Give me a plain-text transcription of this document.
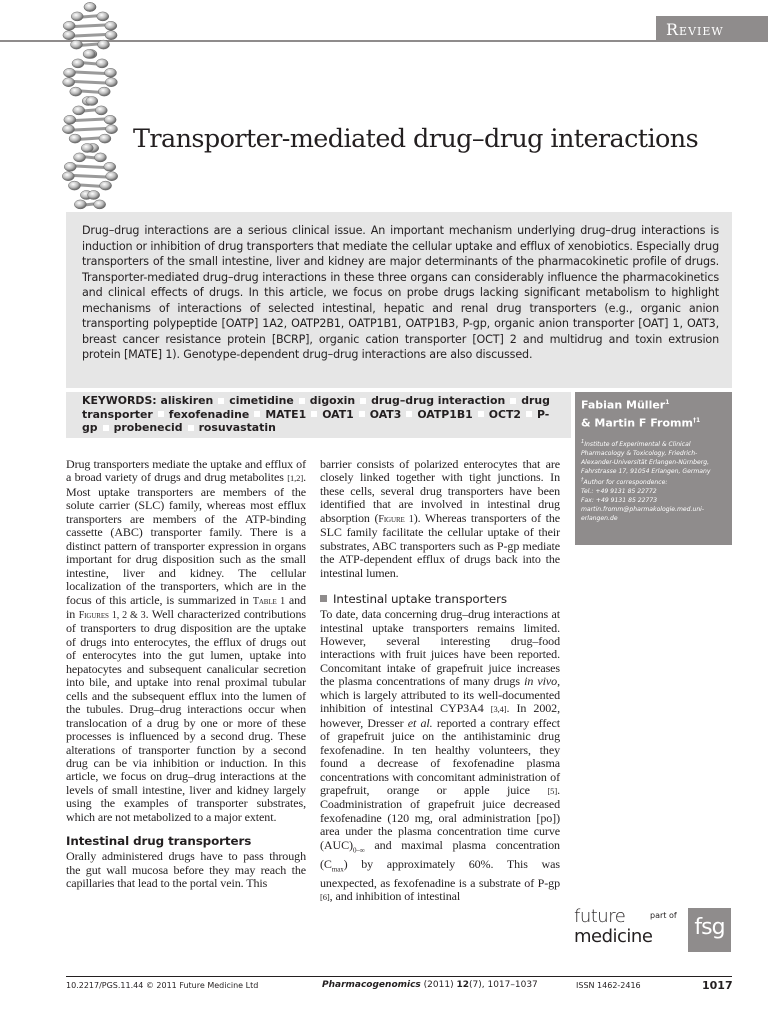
Review
Transporter-mediated drug–drug interactions

Drug–drug interactions are a serious clinical issue. An important mechanism underlying drug–drug interactions is induction or inhibition of drug transporters that mediate the cellular uptake and efflux of xenobiotics. Especially drug transporters of the small intestine, liver and kidney are major determinants of the pharmacokinetic profile of drugs. Transporter-mediated drug–drug interactions in these three organs can considerably influence the pharmacokinetics and clinical effects of drugs. In this article, we focus on probe drugs lacking significant metabolism to highlight mechanisms of interactions of selected intestinal, hepatic and renal drug transporters (e.g., organic anion transporting polypeptide [OATP] 1A2, OATP2B1, OATP1B1, OATP1B3, P-gp, organic anion transporter [OAT] 1, OAT3, breast cancer resistance protein [BCRP], organic cation transporter [OCT] 2 and multidrug and toxin extrusion protein [MATE] 1). Genotype-dependent drug–drug interactions are also discussed.

KEYWORDS: aliskiren cimetidine digoxin drug–drug interaction drug transporter fexofenadine MATE1 OAT1 OAT3 OATP1B1 OCT2 P-gp probenecid rosuvastatin
Fabian Müller$^1$
& Martin F Fromm$^{\dagger 1}$
$^1$Institute of Experimental & Clinical Pharmacology & Toxicology, Friedrich-Alexander-Universität Erlangen-Nürnberg, Fahrstrasse 17, 91054 Erlangen, Germany
†Author for correspondence:
Tel.: +49 9131 85 22772
Fax: +49 9131 85 22773
martin.fromm@pharmakologie.med.uni-erlangen.de

Drug transporters mediate the uptake and efflux of a broad variety of drugs and drug metabolites [1,2]. Most uptake transporters are members of the solute carrier (SLC) family, whereas most efflux transporters are members of the ATP-binding cassette (ABC) transporter family. There is a distinct pattern of transporter expression in organs important for drug disposition such as the small intestine, liver and kidney. The cellular localization of the transporters, which are in the focus of this article, is summarized in Table 1 and in Figures 1, 2 & 3. Well characterized contributions of transporters to drug disposition are the uptake of drugs into enterocytes, the efflux of drugs out of enterocytes into the gut lumen, uptake into hepatocytes and subsequent canalicular secretion into bile, and uptake into renal proximal tubular cells and the subsequent efflux into the lumen of the tubules. Drug–drug interactions occur when translocation of a drug by one or more of these processes is influenced by a second drug. These alterations of transporter function by a second drug can be via inhibition or induction. In this article, we focus on drug–drug interactions at the levels of small intestine, liver and kidney largely using the examples of transporter substrates, which are not metabolized to a major extent.

Intestinal drug transporters

Orally administered drugs have to pass through the gut wall mucosa before they may reach the capillaries that lead to the portal vein. This

barrier consists of polarized enterocytes that are closely linked together with tight junctions. In these cells, several drug transporters have been identified that are involved in intestinal drug absorption (Figure 1). Whereas transporters of the SLC family facilitate the cellular uptake of their substrates, ABC transporters such as P-gp mediate the ATP-dependent efflux of drugs back into the intestinal lumen.

Intestinal uptake transporters

To date, data concerning drug–drug interactions at intestinal uptake transporters remains limited. However, several interesting drug–food interactions with fruit juices have been reported. Concomitant intake of grapefruit juice increases the plasma concentrations of many drugs in vivo, which is largely attributed to its well-documented inhibition of intestinal CYP3A4 [3,4]. In 2002, however, Dresser et al. reported a contrary effect of grapefruit juice on the antihistaminic drug fexofenadine. In ten healthy volunteers, they found a decrease of fexofenadine plasma concentrations with concomitant administration of grapefruit, orange or apple juice [5]. Coadministration of grapefruit juice decreased fexofenadine (120 mg, oral administration [po]) area under the plasma concentration time curve $(AUC)_{0-\infty}$ and maximal plasma concentration $(C_{max})$ by approximately 60%. This was unexpected, as fexofenadine is a substrate of P-gp [6], and inhibition of intestinal

future
medicine
part of fsg
10.2217/PGS.11.44 © 2011 Future Medicine Ltd	Pharmacogenomics (2011) 12(7), 1017–1037	ISSN 1462-2416	1017
